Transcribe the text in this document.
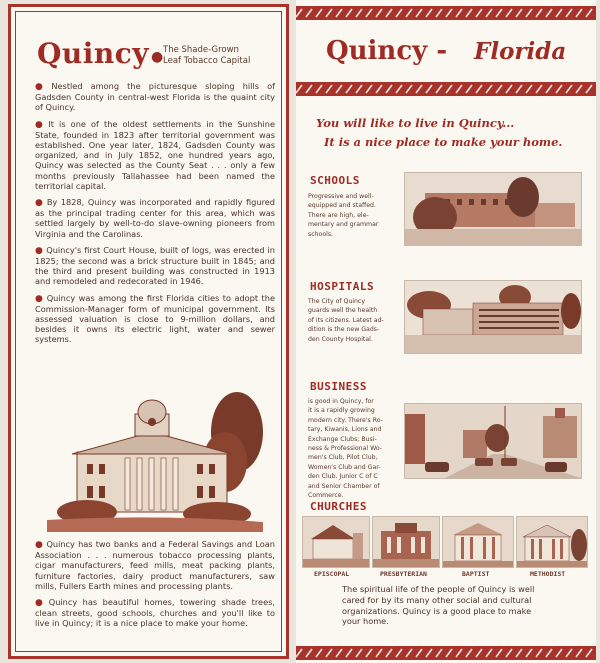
Quincy ● The Shade-Grown
Leaf Tobacco Capital

● Nestled among the picturesque sloping hills of Gadsden County in central-west Florida is the quaint city of Quincy.

● It is one of the oldest settlements in the Sunshine State, founded in 1823 after territorial government was established. One year later, 1824, Gadsden County was organized, and in July 1852, one hundred years ago, Quincy was selected as the County Seat . . . only a few months previously Tallahassee had been named the territorial capital.

● By 1828, Quincy was incorporated and rapidly figured as the principal trading center for this area, which was settled largely by well-to-do slave-owning pioneers from Virginia and the Carolinas.

● Quincy's first Court House, built of logs, was erected in 1825; the second was a brick structure built in 1845; and the third and present building was constructed in 1913 and remodeled and redecorated in 1946.

● Quincy was among the first Florida cities to adopt the Commission-Manager form of municipal government. Its assessed valuation is close to 9-million dollars, and besides it owns its electric light, water and sewer systems.

● Quincy has two banks and a Federal Savings and Loan Association . . . numerous tobacco processing plants, cigar manufacturers, feed mills, meat packing plants, furniture factories, dairy product manufacturers, saw mills, Fullers Earth mines and processing plants.

● Quincy has beautiful homes, towering shade trees, clean streets, good schools, churches and you'll like to live in Quincy; it is a nice place to make your home.

Quincy - Florida
You will like to live in Quincy...
It is a nice place to make your home.
SCHOOLS
Progressive and well-
equipped and staffed.
There are high, ele-
mentary and grammar
schools.
HOSPITALS
The City of Quincy
guards well the health
of its citizens. Latest ad-
dition is the new Gads-
den County Hospital.
BUSINESS
is good in Quincy, for
it is a rapidly growing
modern city. There's Ro-
tary, Kiwanis, Lions and
Exchange Clubs; Busi-
ness & Professional Wo-
men's Club, Pilot Club,
Women's Club and Gar-
den Club. Junior C of C
and Senior Chamber of
Commerce.
CHURCHES
EPISCOPAL	PRESBYTERIAN	BAPTIST	METHODIST
The spiritual life of the people of Quincy is well cared for by its many other social and cultural organizations. Quincy is a good place to make your home.
